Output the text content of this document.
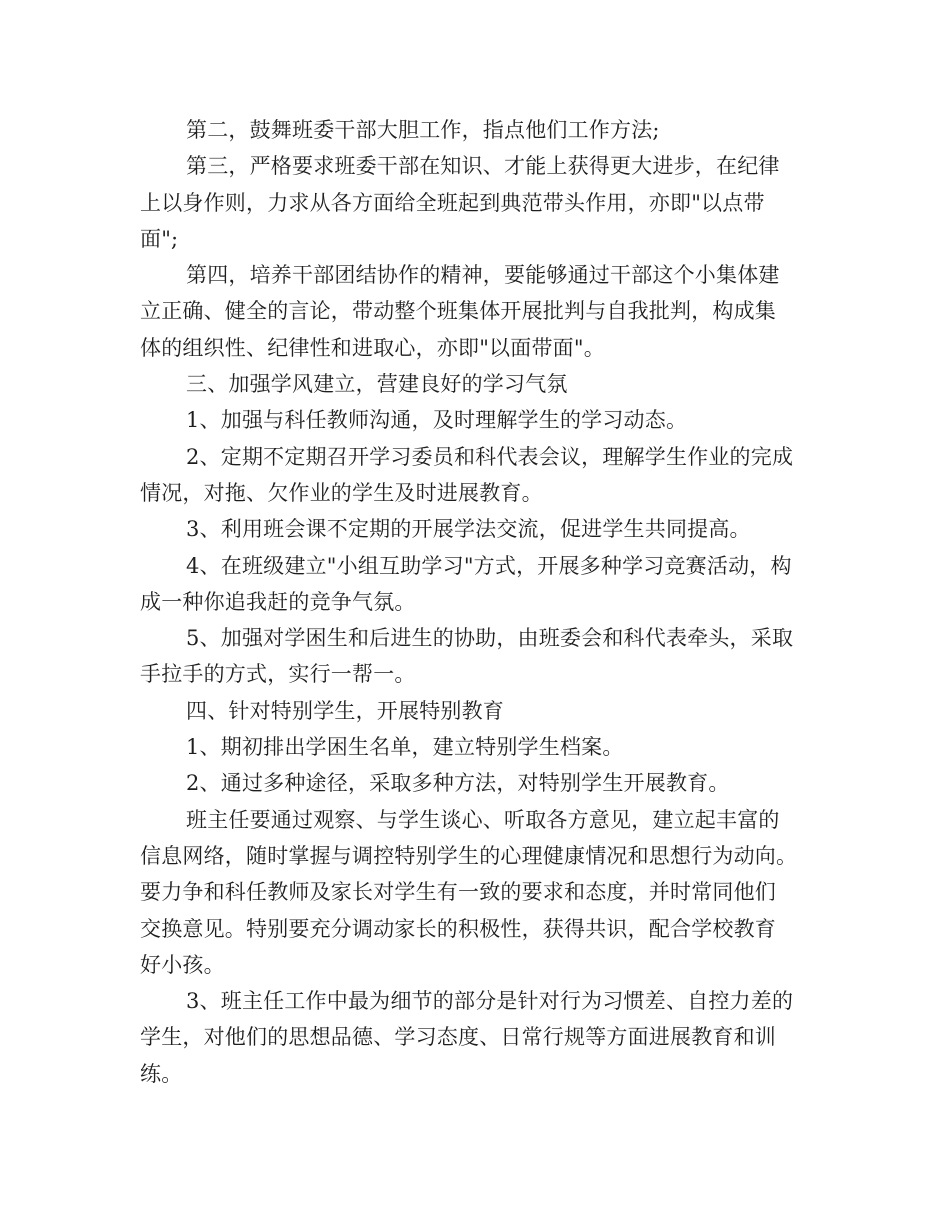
第二，鼓舞班委干部大胆工作，指点他们工作方法;
第三，严格要求班委干部在知识、才能上获得更大进步，在纪律
上以身作则，力求从各方面给全班起到典范带头作用，亦即"以点带
面";
第四，培养干部团结协作的精神，要能够通过干部这个小集体建
立正确、健全的言论，带动整个班集体开展批判与自我批判，构成集
体的组织性、纪律性和进取心，亦即"以面带面"。
三、加强学风建立，营建良好的学习气氛
1、加强与科任教师沟通，及时理解学生的学习动态。
2、定期不定期召开学习委员和科代表会议，理解学生作业的完成
情况，对拖、欠作业的学生及时进展教育。
3、利用班会课不定期的开展学法交流，促进学生共同提高。
4、在班级建立"小组互助学习"方式，开展多种学习竞赛活动，构
成一种你追我赶的竞争气氛。
5、加强对学困生和后进生的协助，由班委会和科代表牵头，采取
手拉手的方式，实行一帮一。
四、针对特别学生，开展特别教育
1、期初排出学困生名单，建立特别学生档案。
2、通过多种途径，采取多种方法，对特别学生开展教育。
班主任要通过观察、与学生谈心、听取各方意见，建立起丰富的
信息网络，随时掌握与调控特别学生的心理健康情况和思想行为动向。
要力争和科任教师及家长对学生有一致的要求和态度，并时常同他们
交换意见。特别要充分调动家长的积极性，获得共识，配合学校教育
好小孩。
3、班主任工作中最为细节的部分是针对行为习惯差、自控力差的
学生，对他们的思想品德、学习态度、日常行规等方面进展教育和训
练。
